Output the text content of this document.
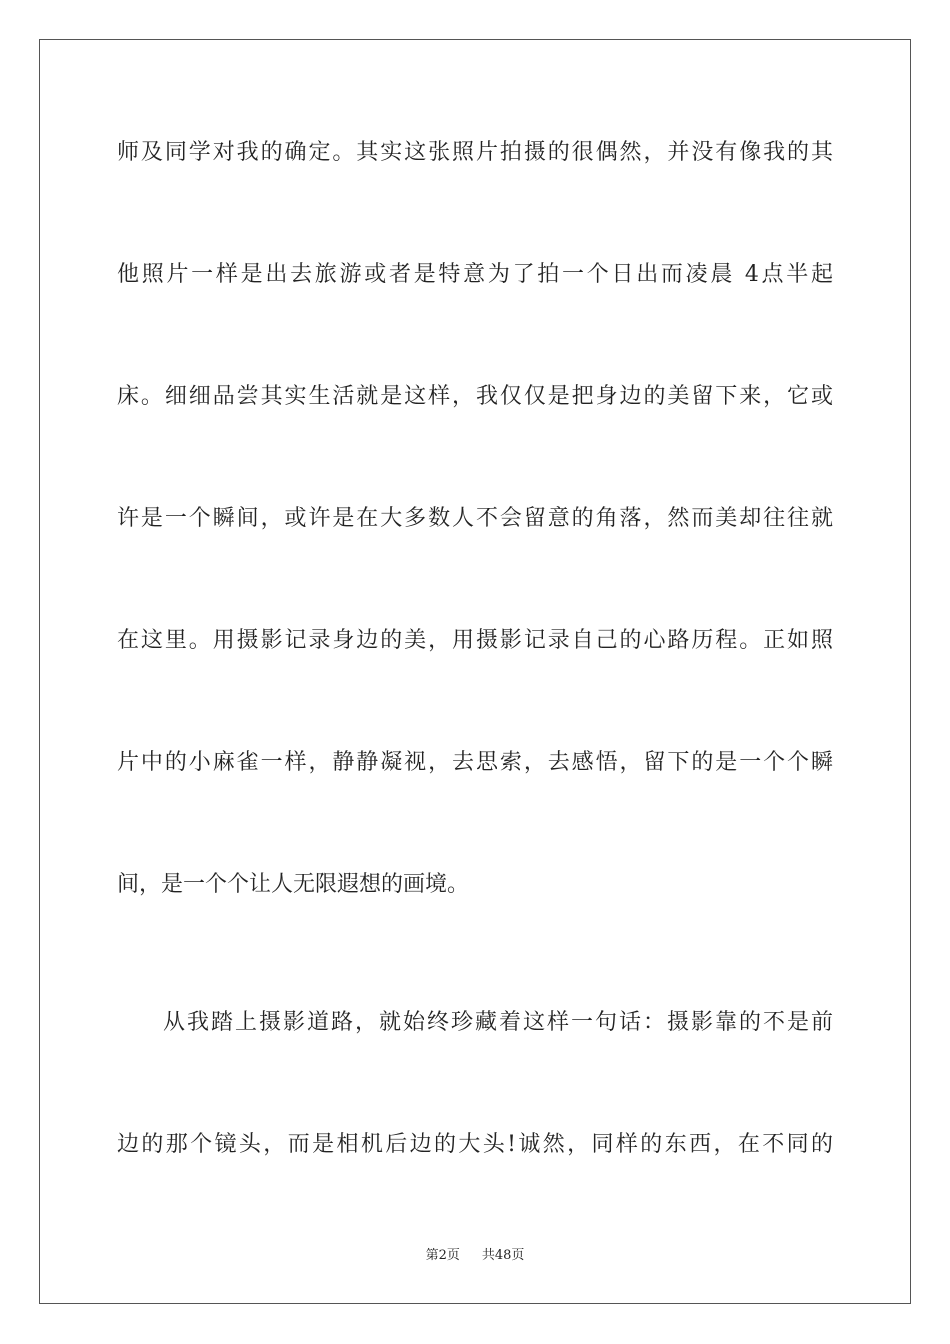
师及同学对我的确定。其实这张照片拍摄的很偶然，并没有像我的其
他照片一样是出去旅游或者是特意为了拍一个日出而凌晨 4点半起
床。细细品尝其实生活就是这样，我仅仅是把身边的美留下来，它或
许是一个瞬间，或许是在大多数人不会留意的角落，然而美却往往就
在这里。用摄影记录身边的美，用摄影记录自己的心路历程。正如照
片中的小麻雀一样，静静凝视，去思索，去感悟，留下的是一个个瞬
间，是一个个让人无限遐想的画境。
从我踏上摄影道路，就始终珍藏着这样一句话：摄影靠的不是前
边的那个镜头，而是相机后边的大头!诚然，同样的东西，在不同的
第2页 共48页
